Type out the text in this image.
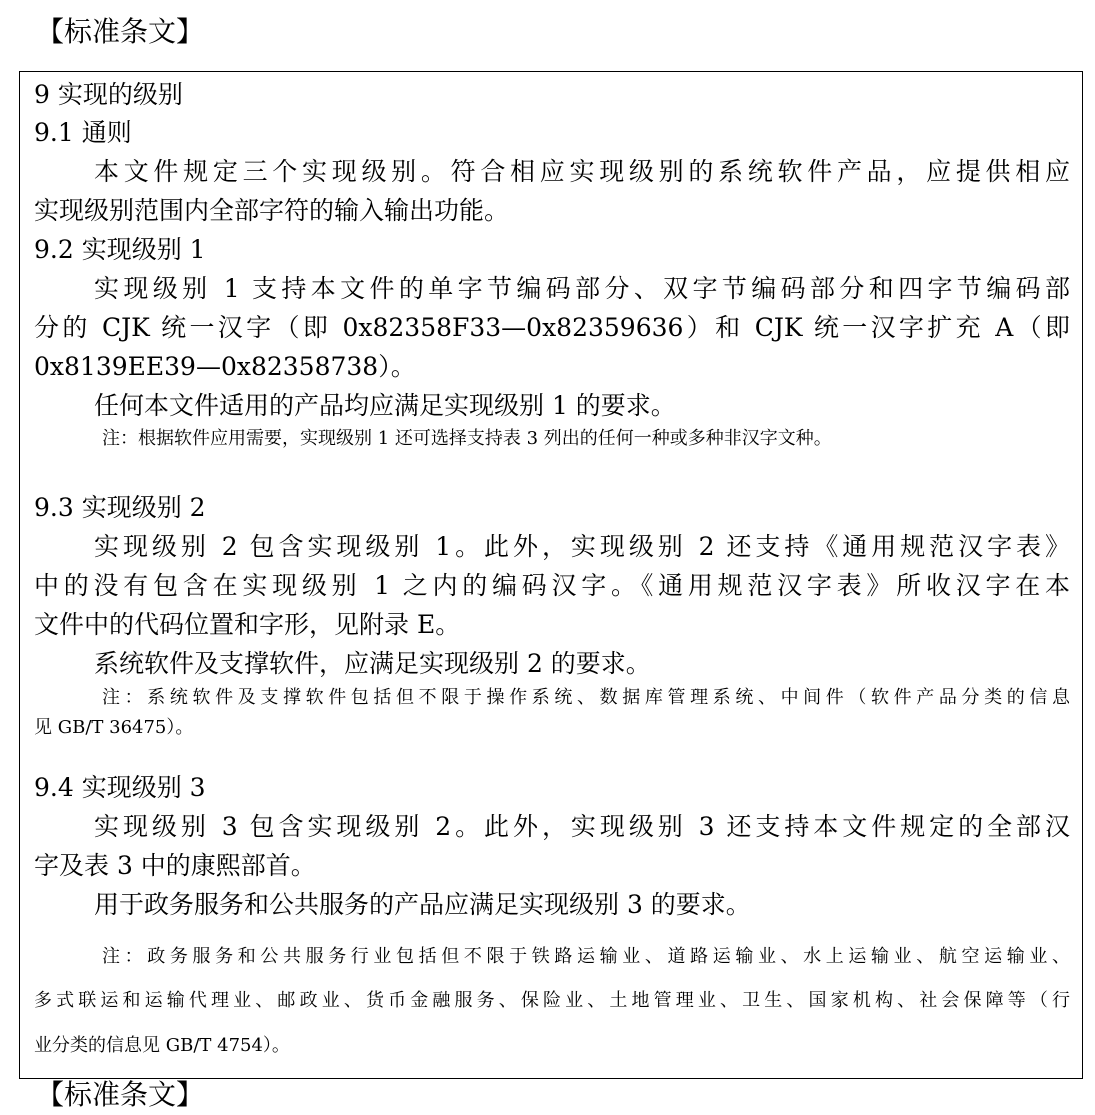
【标准条文】
9 实现的级别
9.1 通则
本文件规定三个实现级别。符合相应实现级别的系统软件产品，应提供相应
实现级别范围内全部字符的输入输出功能。
9.2 实现级别 1
实现级别 1 支持本文件的单字节编码部分、双字节编码部分和四字节编码部
分的 CJK 统一汉字（即 0x82358F33—0x82359636）和 CJK 统一汉字扩充 A（即
0x8139EE39—0x82358738）。
任何本文件适用的产品均应满足实现级别 1 的要求。
注：根据软件应用需要，实现级别 1 还可选择支持表 3 列出的任何一种或多种非汉字文种。
9.3 实现级别 2
实现级别 2 包含实现级别 1。此外，实现级别 2 还支持《通用规范汉字表》
中的没有包含在实现级别 1 之内的编码汉字。《通用规范汉字表》所收汉字在本
文件中的代码位置和字形，见附录 E。
系统软件及支撑软件，应满足实现级别 2 的要求。
注：系统软件及支撑软件包括但不限于操作系统、数据库管理系统、中间件（软件产品分类的信息
见 GB/T 36475）。
9.4 实现级别 3
实现级别 3 包含实现级别 2。此外，实现级别 3 还支持本文件规定的全部汉
字及表 3 中的康熙部首。
用于政务服务和公共服务的产品应满足实现级别 3 的要求。
注：政务服务和公共服务行业包括但不限于铁路运输业、道路运输业、水上运输业、航空运输业、
多式联运和运输代理业、邮政业、货币金融服务、保险业、土地管理业、卫生、国家机构、社会保障等（行
业分类的信息见 GB/T 4754）。
【标准条文】
